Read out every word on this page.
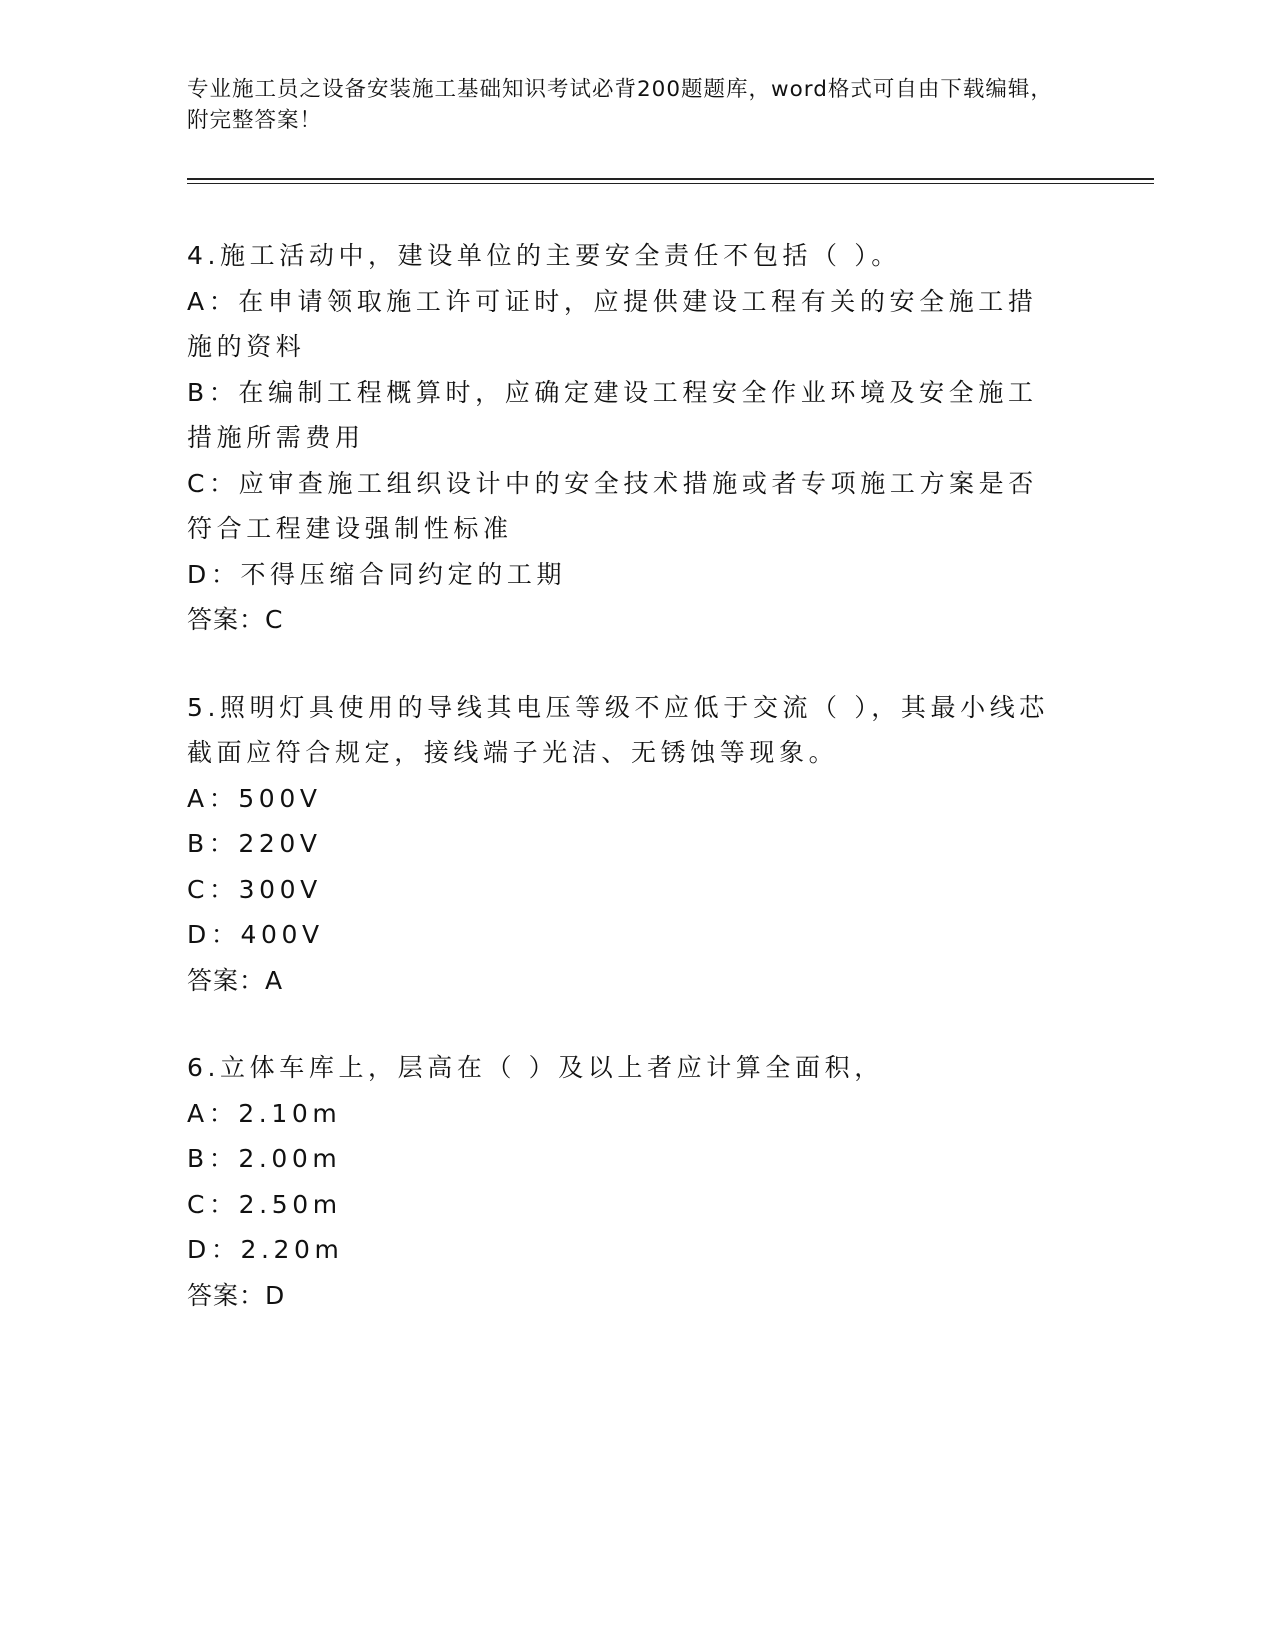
专业施工员之设备安装施工基础知识考试必背200题题库，word格式可自由下载编辑，附完整答案！

4.施工活动中，建设单位的主要安全责任不包括（ ）。

A：在申请领取施工许可证时，应提供建设工程有关的安全施工措施的资料

B：在编制工程概算时，应确定建设工程安全作业环境及安全施工措施所需费用

C：应审查施工组织设计中的安全技术措施或者专项施工方案是否符合工程建设强制性标准

D：不得压缩合同约定的工期

答案：C

5.照明灯具使用的导线其电压等级不应低于交流（ ），其最小线芯截面应符合规定，接线端子光洁、无锈蚀等现象。

A：500V

B：220V

C：300V

D：400V

答案：A

6.立体车库上，层高在（ ）及以上者应计算全面积，

A：2.10m

B：2.00m

C：2.50m

D：2.20m

答案：D
